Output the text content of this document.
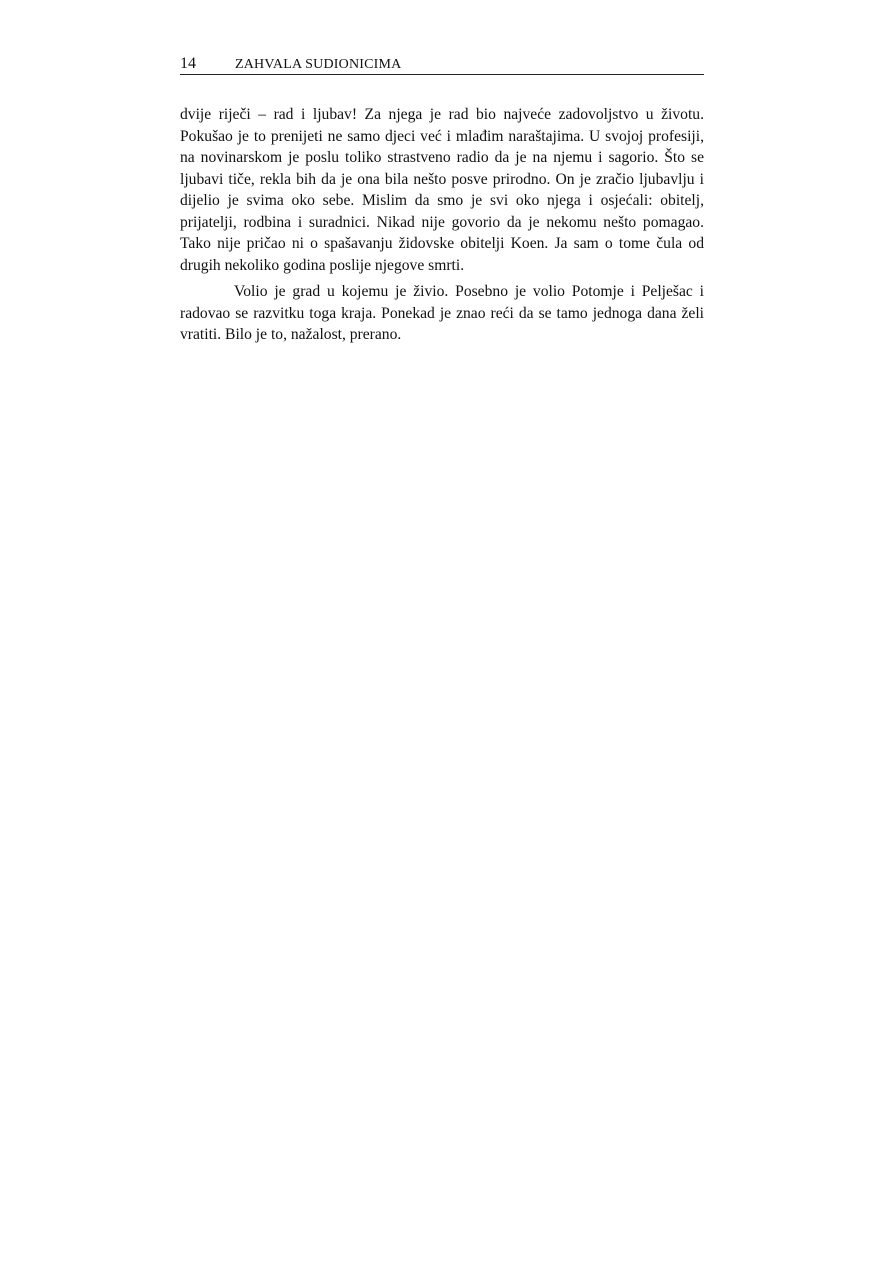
14	ZAHVALA SUDIONICIMA

dvije riječi – rad i ljubav! Za njega je rad bio najveće zadovoljstvo u životu. Pokušao je to prenijeti ne samo djeci već i mlađim naraštajima. U svojoj profesiji, na novinarskom je poslu toliko strastveno radio da je na njemu i sagorio. Što se ljubavi tiče, rekla bih da je ona bila nešto posve prirodno. On je zračio ljubavlju i dijelio je svima oko sebe. Mislim da smo je svi oko njega i osjećali: obitelj, prijatelji, rodbina i suradnici. Nikad nije govorio da je nekomu nešto pomagao. Tako nije pričao ni o spašavanju židovske obitelji Koen. Ja sam o tome čula od drugih nekoliko godina poslije njegove smrti.

Volio je grad u kojemu je živio. Posebno je volio Potomje i Pelješac i radovao se razvitku toga kraja. Ponekad je znao reći da se tamo jednoga dana želi vratiti. Bilo je to, nažalost, prerano.
